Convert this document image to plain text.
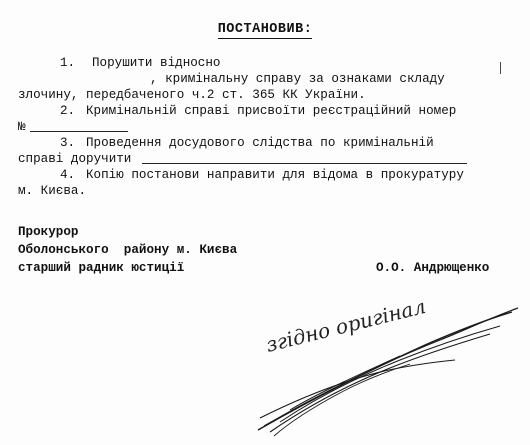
ПОСТАНОВИВ:
1. Порушити відносно
, кримінальну справу за ознаками складу
злочину, передбаченого ч.2 ст. 365 КК України.
2. Кримінальній справі присвоїти реєстраційний номер
№
3. Проведення досудового слідства по кримінальній
справі доручити
4. Копію постанови направити для відома в прокуратуру
м. Києва.
Прокурор
Оболонського  району м. Києва
старший радник юстиції	О.О. Андрющенко
згідно оригінал
